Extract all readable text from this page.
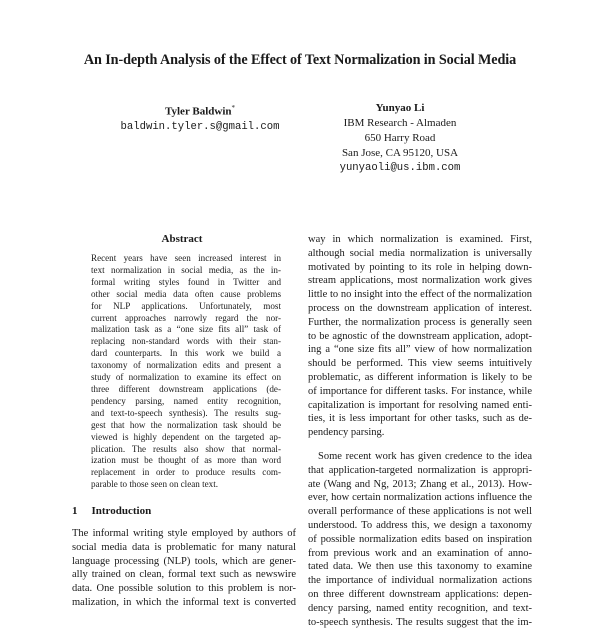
An In-depth Analysis of the Effect of Text Normalization in Social Media
Tyler Baldwin*
baldwin.tyler.s@gmail.com
Yunyao Li
IBM Research - Almaden
650 Harry Road
San Jose, CA 95120, USA
yunyaoli@us.ibm.com
Abstract
Recent years have seen increased interest in
text normalization in social media, as the in-
formal writing styles found in Twitter and
other social media data often cause problems
for NLP applications. Unfortunately, most
current approaches narrowly regard the nor-
malization task as a “one size fits all” task of
replacing non-standard words with their stan-
dard counterparts. In this work we build a
taxonomy of normalization edits and present a
study of normalization to examine its effect on
three different downstream applications (de-
pendency parsing, named entity recognition,
and text-to-speech synthesis). The results sug-
gest that how the normalization task should be
viewed is highly dependent on the targeted ap-
plication. The results also show that normal-
ization must be thought of as more than word
replacement in order to produce results com-
parable to those seen on clean text.
1 Introduction
The informal writing style employed by authors of
social media data is problematic for many natural
language processing (NLP) tools, which are gener-
ally trained on clean, formal text such as newswire
data. One possible solution to this problem is nor-
malization, in which the informal text is converted
way in which normalization is examined. First,
although social media normalization is universally
motivated by pointing to its role in helping down-
stream applications, most normalization work gives
little to no insight into the effect of the normalization
process on the downstream application of interest.
Further, the normalization process is generally seen
to be agnostic of the downstream application, adopt-
ing a “one size fits all” view of how normalization
should be performed. This view seems intuitively
problematic, as different information is likely to be
of importance for different tasks. For instance, while
capitalization is important for resolving named enti-
ties, it is less important for other tasks, such as de-
pendency parsing.
Some recent work has given credence to the idea
that application-targeted normalization is appropri-
ate (Wang and Ng, 2013; Zhang et al., 2013). How-
ever, how certain normalization actions influence the
overall performance of these applications is not well
understood. To address this, we design a taxonomy
of possible normalization edits based on inspiration
from previous work and an examination of anno-
tated data. We then use this taxonomy to examine
the importance of individual normalization actions
on three different downstream applications: depen-
dency parsing, named entity recognition, and text-
to-speech synthesis. The results suggest that the im-
